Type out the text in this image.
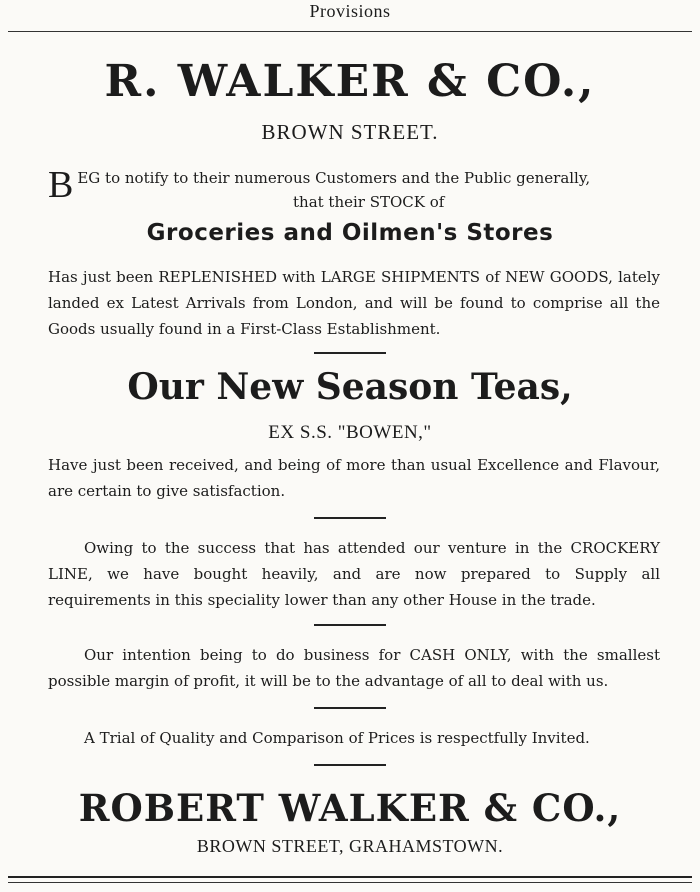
Provisions
R. WALKER & CO.,
BROWN STREET.
B EG to notify to their numerous Customers and the Public generally,
that their STOCK of
Groceries and Oilmen's Stores
Has just been REPLENISHED with LARGE SHIPMENTS of NEW GOODS, lately landed ex Latest Arrivals from London, and will be found to comprise all the Goods usually found in a First-Class Establishment.
Our New Season Teas,
EX S.S. "BOWEN,"
Have just been received, and being of more than usual Excellence and Flavour, are certain to give satisfaction.
Owing to the success that has attended our venture in the CROCKERY LINE, we have bought heavily, and are now prepared to Supply all requirements in this speciality lower than any other House in the trade.
Our intention being to do business for CASH ONLY, with the smallest possible margin of profit, it will be to the advantage of all to deal with us.
A Trial of Quality and Comparison of Prices is respectfully Invited.
ROBERT WALKER & CO.,
BROWN STREET, GRAHAMSTOWN.
